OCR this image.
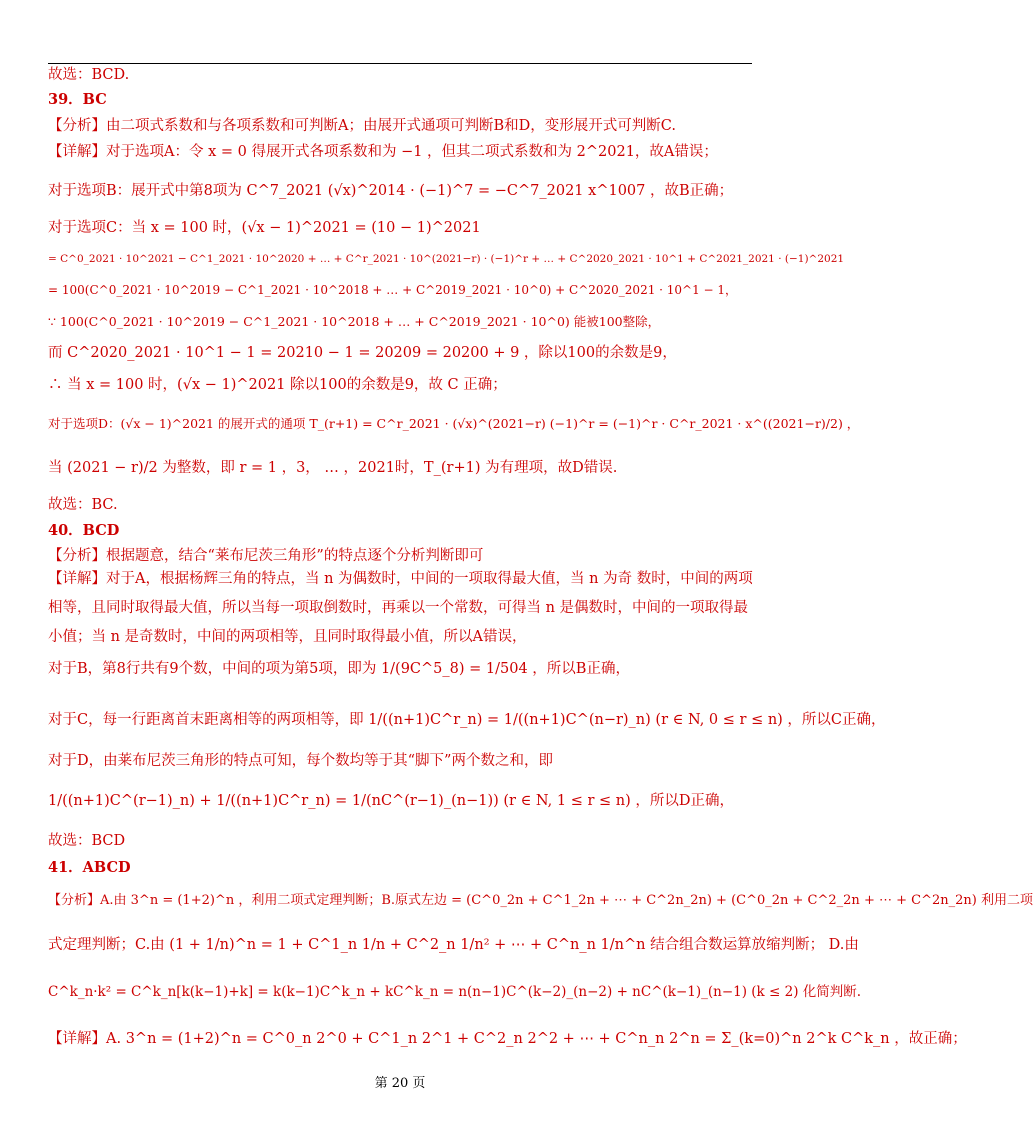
故选：BCD.
39．BC
【分析】由二项式系数和与各项系数和可判断A；由展开式通项可判断B和D，变形展开式可判断C.
【详解】对于选项A：令 x = 0 得展开式各项系数和为 −1 ，但其二项式系数和为 2^2021，故A错误；
对于选项B：展开式中第8项为 C^7_2021 (√x)^2014 · (−1)^7 = −C^7_2021 x^1007 ，故B正确；
对于选项C：当 x = 100 时，(√x − 1)^2021 = (10 − 1)^2021
= C^0_2021 · 10^2021 − C^1_2021 · 10^2020 + … + C^r_2021 · 10^(2021−r) · (−1)^r + … + C^2020_2021 · 10^1 + C^2021_2021 · (−1)^2021
= 100(C^0_2021 · 10^2019 − C^1_2021 · 10^2018 + … + C^2019_2021 · 10^0) + C^2020_2021 · 10^1 − 1，
∵ 100(C^0_2021 · 10^2019 − C^1_2021 · 10^2018 + … + C^2019_2021 · 10^0) 能被100整除，
而 C^2020_2021 · 10^1 − 1 = 20210 − 1 = 20209 = 20200 + 9 ，除以100的余数是9，
∴ 当 x = 100 时，(√x − 1)^2021 除以100的余数是9，故 C 正确；
对于选项D：(√x − 1)^2021 的展开式的通项 T_(r+1) = C^r_2021 · (√x)^(2021−r) (−1)^r = (−1)^r · C^r_2021 · x^((2021−r)/2) ，
当 (2021 − r)/2 为整数，即 r = 1 ，3， … ，2021时，T_(r+1) 为有理项，故D错误.
故选：BC.
40．BCD
【分析】根据题意，结合“莱布尼茨三角形”的特点逐个分析判断即可
【详解】对于A，根据杨辉三角的特点，当 n 为偶数时，中间的一项取得最大值，当 n 为奇 数时，中间的两项相等，且同时取得最大值，所以当每一项取倒数时，再乘以一个常数，可得当 n 是偶数时，中间的一项取得最小值；当 n 是奇数时，中间的两项相等，且同时取得最小值，所以A错误，
对于B，第8行共有9个数，中间的项为第5项，即为 1/(9C^5_8) = 1/504 ，所以B正确，
对于C，每一行距离首末距离相等的两项相等，即 1/((n+1)C^r_n) = 1/((n+1)C^(n−r)_n) (r ∈ N, 0 ≤ r ≤ n) ，所以C正确，
对于D，由莱布尼茨三角形的特点可知，每个数均等于其“脚下”两个数之和，即
1/((n+1)C^(r−1)_n) + 1/((n+1)C^r_n) = 1/(nC^(r−1)_(n−1)) (r ∈ N, 1 ≤ r ≤ n) ，所以D正确，
故选：BCD
41．ABCD
【分析】A.由 3^n = (1+2)^n ，利用二项式定理判断；B.原式左边 = (C^0_2n + C^1_2n + ⋯ + C^2n_2n) + (C^0_2n + C^2_2n + ⋯ + C^2n_2n) 利用二项
式定理判断；C.由 (1 + 1/n)^n = 1 + C^1_n 1/n + C^2_n 1/n² + ⋯ + C^n_n 1/n^n 结合组合数运算放缩判断； D.由
C^k_n·k² = C^k_n[k(k−1)+k] = k(k−1)C^k_n + kC^k_n = n(n−1)C^(k−2)_(n−2) + nC^(k−1)_(n−1) (k ≤ 2) 化简判断.
【详解】A. 3^n = (1+2)^n = C^0_n 2^0 + C^1_n 2^1 + C^2_n 2^2 + ⋯ + C^n_n 2^n = Σ_(k=0)^n 2^k C^k_n ，故正确；
第 20 页
